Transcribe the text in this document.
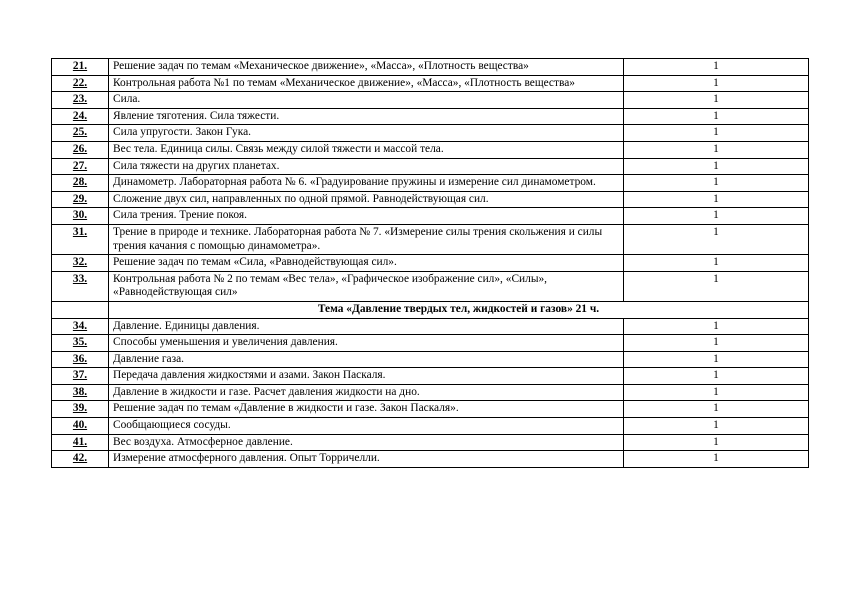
21.	Решение задач по темам «Механическое движение», «Масса», «Плотность вещества»	1
22.	Контрольная работа №1 по темам «Механическое движение», «Масса», «Плотность вещества»	1
23.	Сила.	1
24.	Явление тяготения. Сила тяжести.	1
25.	Сила упругости. Закон Гука.	1
26.	Вес тела. Единица силы. Связь между силой тяжести и массой тела.	1
27.	Сила тяжести на других планетах.	1
28.	Динамометр. Лабораторная работа № 6. «Градуирование пружины и измерение сил динамометром.	1
29.	Сложение двух сил, направленных по одной прямой. Равнодействующая сил.	1
30.	Сила трения. Трение покоя.	1
31.	Трение в природе и технике. Лабораторная работа № 7. «Измерение силы трения скольжения и силы трения качания с помощью динамометра».	1
32.	Решение задач по темам «Сила, «Равнодействующая сил».	1
33.	Контрольная работа № 2 по темам «Вес тела», «Графическое изображение сил», «Силы», «Равнодействующая сил»	1
	Тема «Давление твердых тел, жидкостей и газов» 21 ч.	
34.	Давление. Единицы давления.	1
35.	Способы уменьшения и увеличения давления.	1
36.	Давление газа.	1
37.	Передача давления жидкостями и азами. Закон Паскаля.	1
38.	Давление в жидкости и газе. Расчет давления жидкости на дно.	1
39.	Решение задач по темам «Давление в жидкости и газе. Закон Паскаля».	1
40.	Сообщающиеся сосуды.	1
41.	Вес воздуха. Атмосферное давление.	1
42.	Измерение атмосферного давления. Опыт Торричелли.	1
